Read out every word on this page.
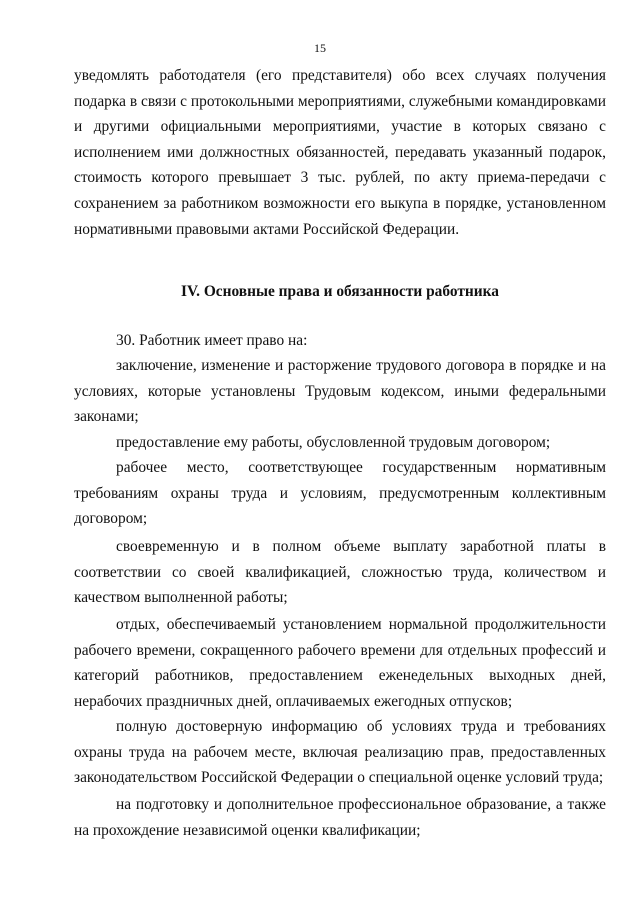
15

уведомлять работодателя (его представителя) обо всех случаях получения подарка в связи с протокольными мероприятиями, служебными командировками и другими официальными мероприятиями, участие в которых связано с исполнением ими должностных обязанностей, передавать указанный подарок, стоимость которого превышает 3 тыс. рублей, по акту приема-передачи с сохранением за работником возможности его выкупа в порядке, установленном нормативными правовыми актами Российской Федерации.

IV. Основные права и обязанности работника

30. Работник имеет право на:

заключение, изменение и расторжение трудового договора в порядке и на условиях, которые установлены Трудовым кодексом, иными федеральными законами;

предоставление ему работы, обусловленной трудовым договором;

рабочее место, соответствующее государственным нормативным требованиям охраны труда и условиям, предусмотренным коллективным договором;

своевременную и в полном объеме выплату заработной платы в соответствии со своей квалификацией, сложностью труда, количеством и качеством выполненной работы;

отдых, обеспечиваемый установлением нормальной продолжительности рабочего времени, сокращенного рабочего времени для отдельных профессий и категорий работников, предоставлением еженедельных выходных дней, нерабочих праздничных дней, оплачиваемых ежегодных отпусков;

полную достоверную информацию об условиях труда и требованиях охраны труда на рабочем месте, включая реализацию прав, предоставленных законодательством Российской Федерации о специальной оценке условий труда;

на подготовку и дополнительное профессиональное образование, а также на прохождение независимой оценки квалификации;
